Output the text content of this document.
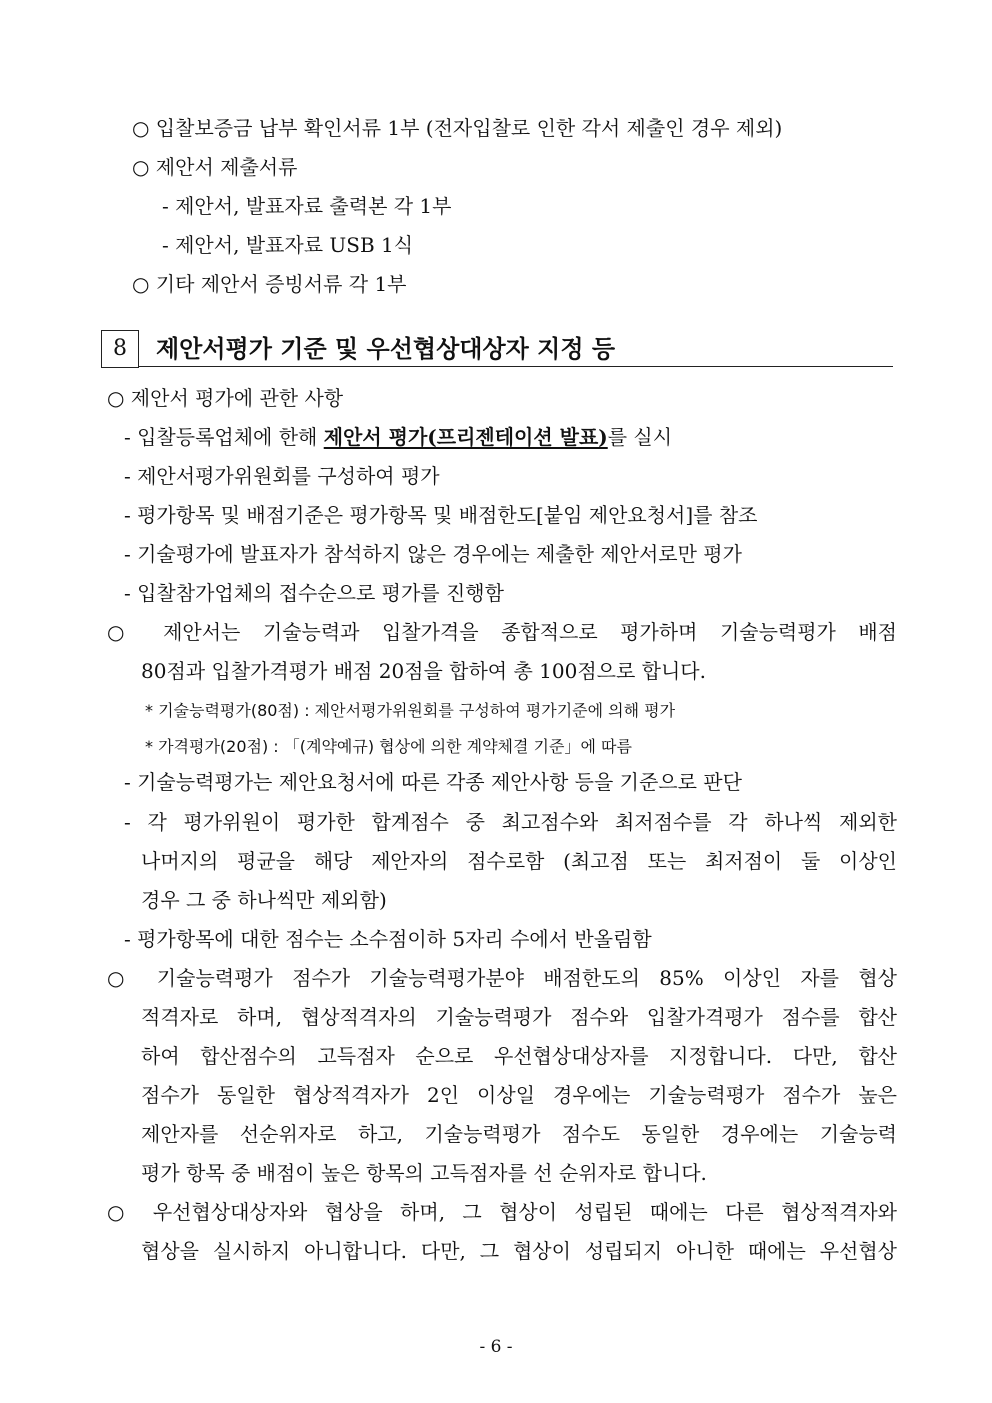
○ 입찰보증금 납부 확인서류 1부 (전자입찰로 인한 각서 제출인 경우 제외)
○ 제안서 제출서류
- 제안서, 발표자료 출력본 각 1부
- 제안서, 발표자료 USB 1식
○ 기타 제안서 증빙서류 각 1부
8	제안서평가 기준 및 우선협상대상자 지정 등
○ 제안서 평가에 관한 사항
- 입찰등록업체에 한해 제안서 평가(프리젠테이션 발표)를 실시
- 제안서평가위원회를 구성하여 평가
- 평가항목 및 배점기준은 평가항목 및 배점한도[붙임 제안요청서]를 참조
- 기술평가에 발표자가 참석하지 않은 경우에는 제출한 제안서로만 평가
- 입찰참가업체의 접수순으로 평가를 진행함
○ 제안서는 기술능력과 입찰가격을 종합적으로 평가하며 기술능력평가 배점
80점과 입찰가격평가 배점 20점을 합하여 총 100점으로 합니다.
* 기술능력평가(80점) : 제안서평가위원회를 구성하여 평가기준에 의해 평가
* 가격평가(20점) : 「(계약예규) 협상에 의한 계약체결 기준」에 따름
- 기술능력평가는 제안요청서에 따른 각종 제안사항 등을 기준으로 판단
- 각 평가위원이 평가한 합계점수 중 최고점수와 최저점수를 각 하나씩 제외한
나머지의 평균을 해당 제안자의 점수로함 (최고점 또는 최저점이 둘 이상인
경우 그 중 하나씩만 제외함)
- 평가항목에 대한 점수는 소수점이하 5자리 수에서 반올림함
○ 기술능력평가 점수가 기술능력평가분야 배점한도의 85% 이상인 자를 협상
적격자로 하며, 협상적격자의 기술능력평가 점수와 입찰가격평가 점수를 합산
하여 합산점수의 고득점자 순으로 우선협상대상자를 지정합니다. 다만, 합산
점수가 동일한 협상적격자가 2인 이상일 경우에는 기술능력평가 점수가 높은
제안자를 선순위자로 하고, 기술능력평가 점수도 동일한 경우에는 기술능력
평가 항목 중 배점이 높은 항목의 고득점자를 선 순위자로 합니다.
○ 우선협상대상자와 협상을 하며, 그 협상이 성립된 때에는 다른 협상적격자와
협상을 실시하지 아니합니다. 다만, 그 협상이 성립되지 아니한 때에는 우선협상
- 6 -
